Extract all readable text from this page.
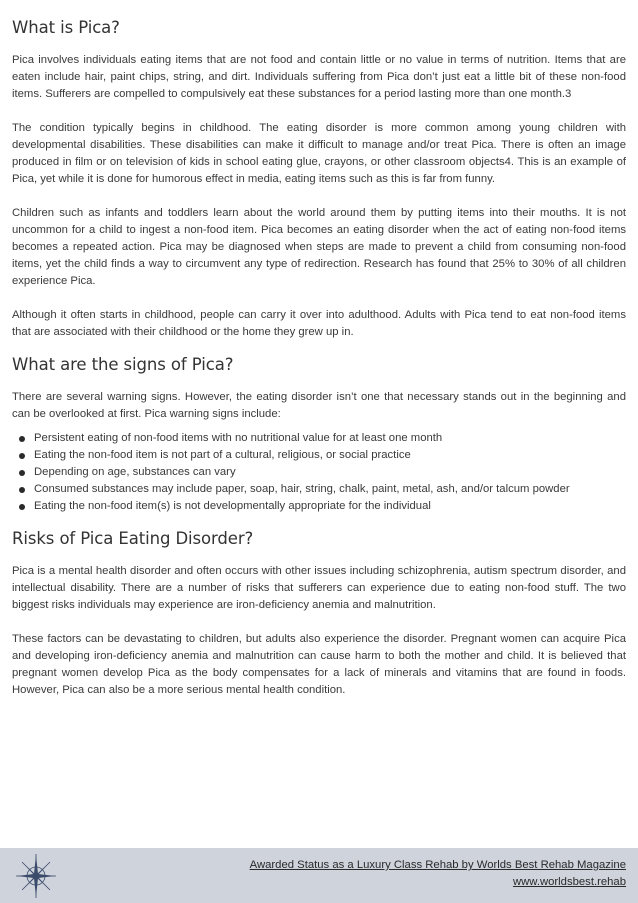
What is Pica?

Pica involves individuals eating items that are not food and contain little or no value in terms of nutrition. Items that are eaten include hair, paint chips, string, and dirt. Individuals suffering from Pica don’t just eat a little bit of these non-food items. Sufferers are compelled to compulsively eat these substances for a period lasting more than one month.3

The condition typically begins in childhood. The eating disorder is more common among young children with developmental disabilities. These disabilities can make it difficult to manage and/or treat Pica. There is often an image produced in film or on television of kids in school eating glue, crayons, or other classroom objects4. This is an example of Pica, yet while it is done for humorous effect in media, eating items such as this is far from funny.

Children such as infants and toddlers learn about the world around them by putting items into their mouths. It is not uncommon for a child to ingest a non-food item. Pica becomes an eating disorder when the act of eating non-food items becomes a repeated action. Pica may be diagnosed when steps are made to prevent a child from consuming non-food items, yet the child finds a way to circumvent any type of redirection. Research has found that 25% to 30% of all children experience Pica.

Although it often starts in childhood, people can carry it over into adulthood. Adults with Pica tend to eat non-food items that are associated with their childhood or the home they grew up in.

What are the signs of Pica?

There are several warning signs. However, the eating disorder isn’t one that necessary stands out in the beginning and can be overlooked at first. Pica warning signs include:

Persistent eating of non-food items with no nutritional value for at least one month
Eating the non-food item is not part of a cultural, religious, or social practice
Depending on age, substances can vary
Consumed substances may include paper, soap, hair, string, chalk, paint, metal, ash, and/or talcum powder
Eating the non-food item(s) is not developmentally appropriate for the individual
Risks of Pica Eating Disorder?

Pica is a mental health disorder and often occurs with other issues including schizophrenia, autism spectrum disorder, and intellectual disability. There are a number of risks that sufferers can experience due to eating non-food stuff. The two biggest risks individuals may experience are iron-deficiency anemia and malnutrition.

These factors can be devastating to children, but adults also experience the disorder. Pregnant women can acquire Pica and developing iron-deficiency anemia and malnutrition can cause harm to both the mother and child. It is believed that pregnant women develop Pica as the body compensates for a lack of minerals and vitamins that are found in foods. However, Pica can also be a more serious mental health condition.

Awarded Status as a Luxury Class Rehab by Worlds Best Rehab Magazine
www.worldsbest.rehab
